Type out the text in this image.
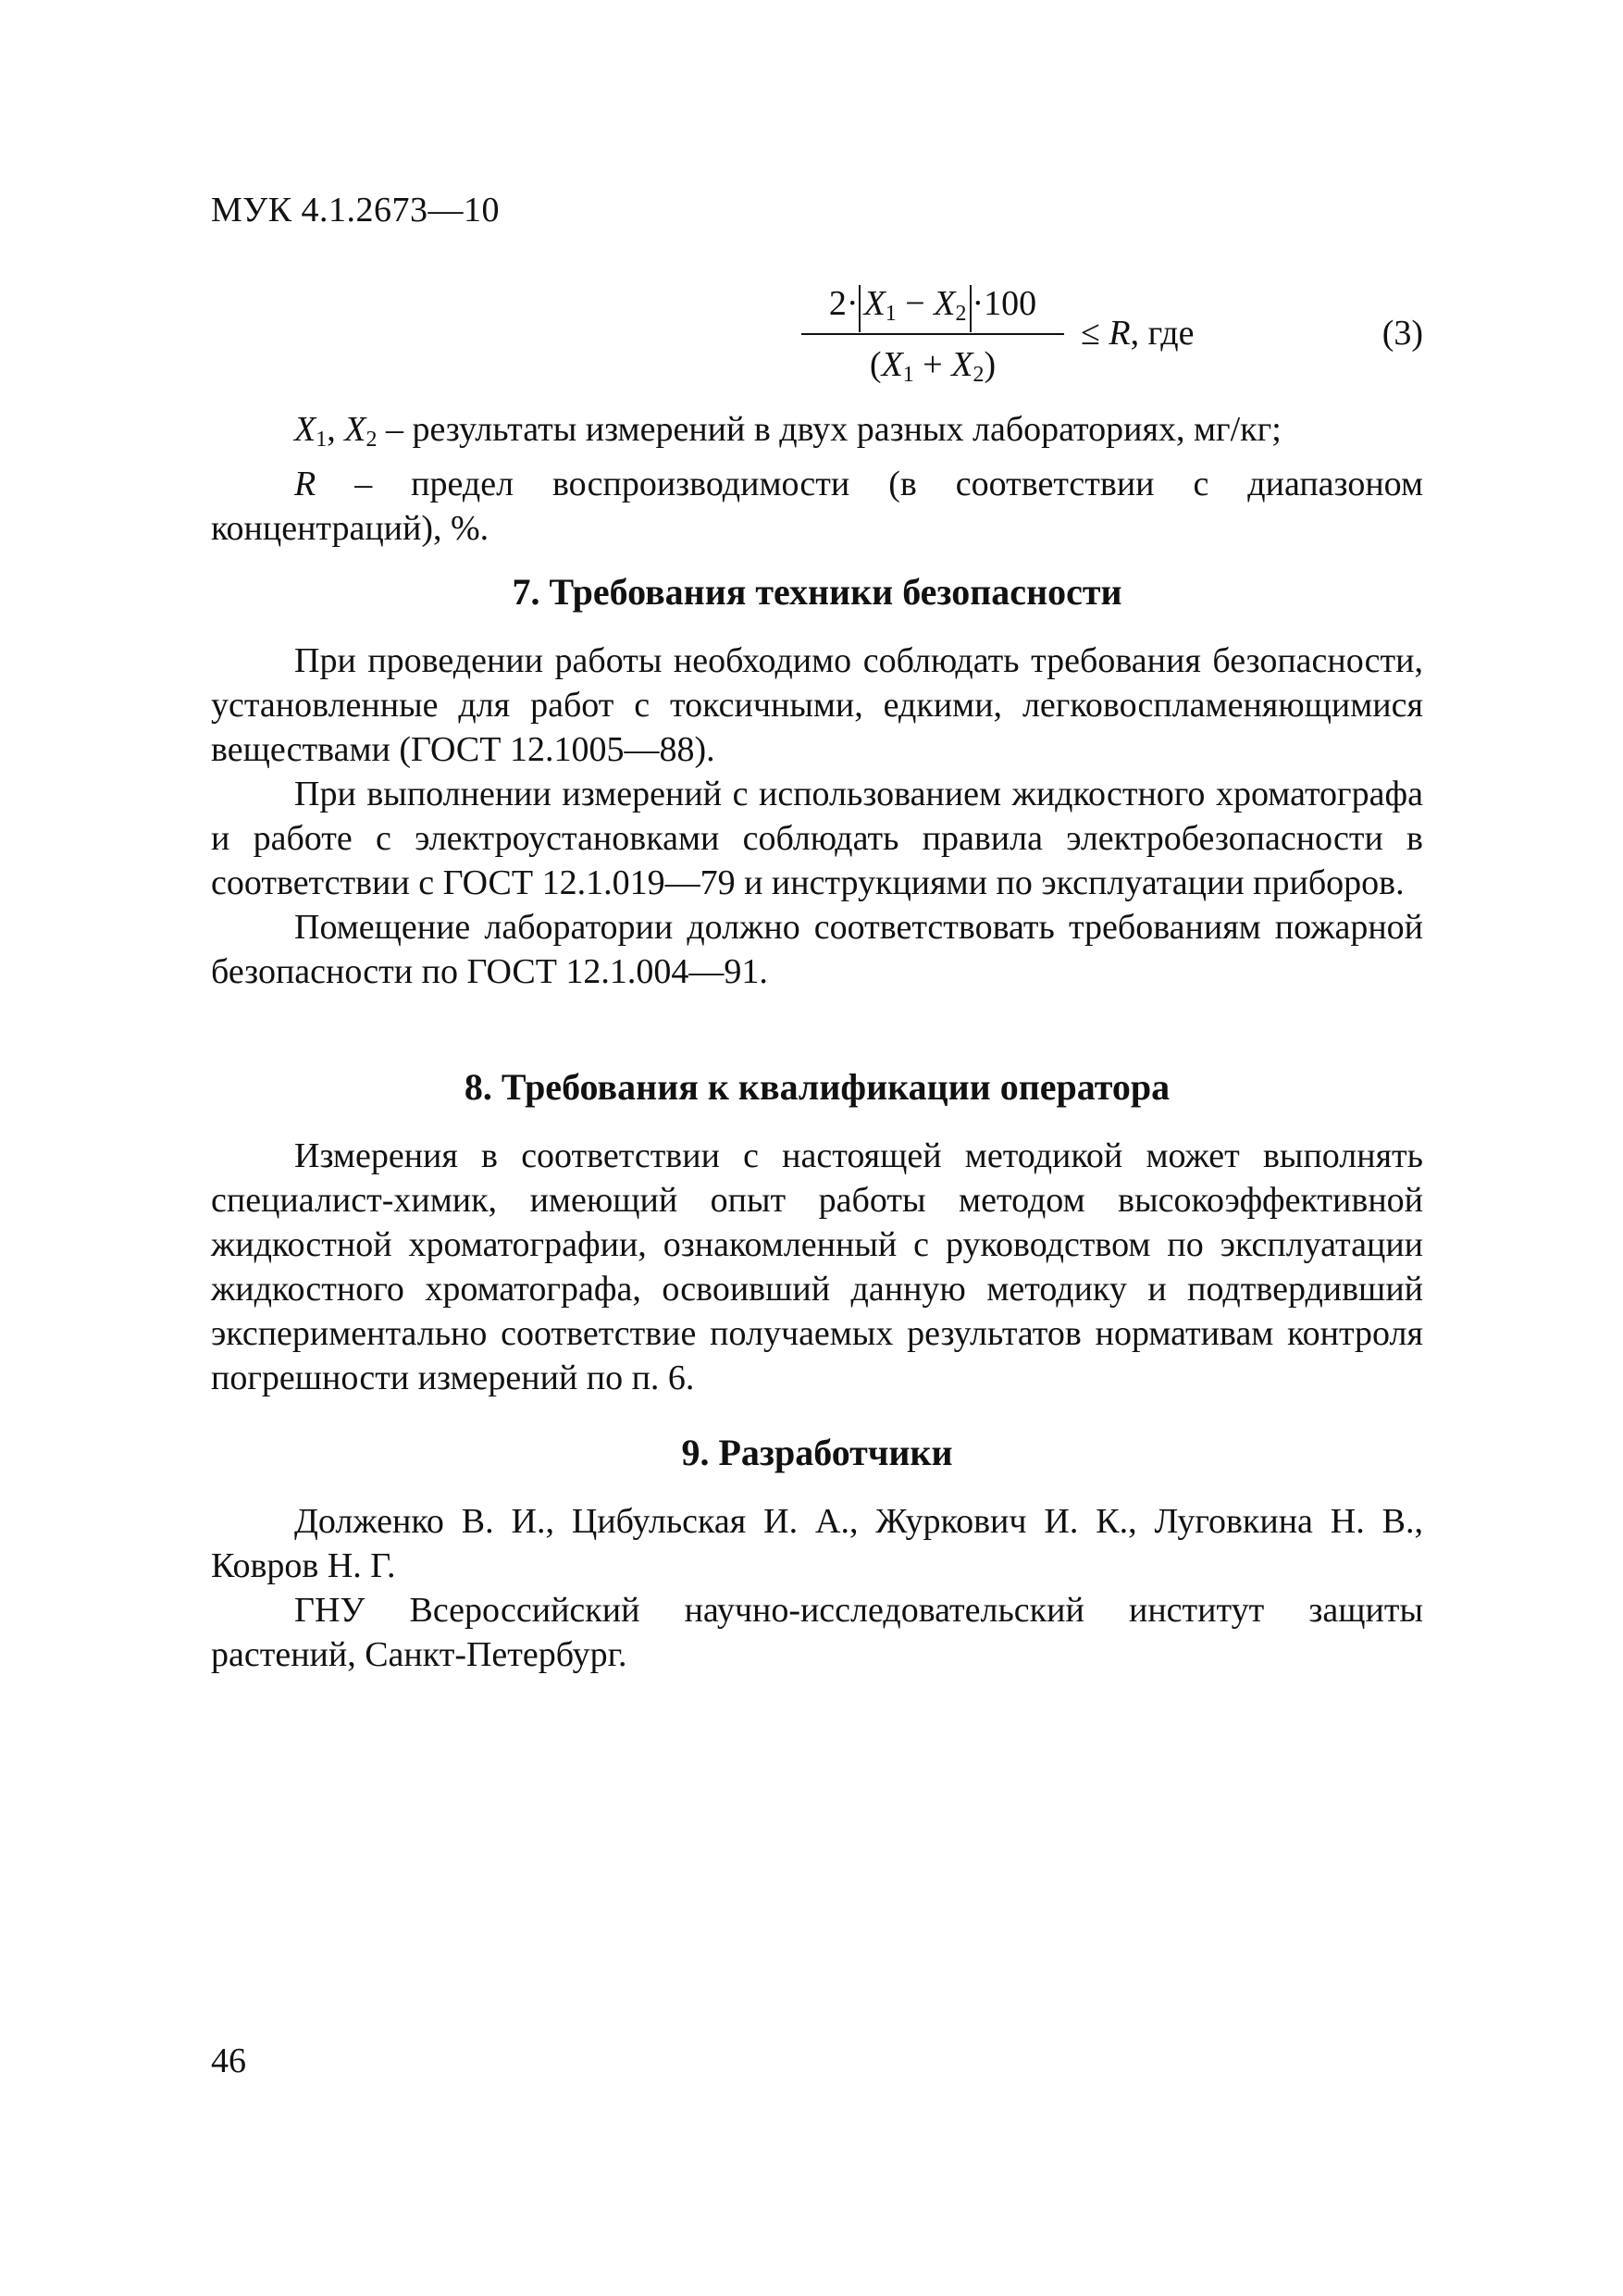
МУК 4.1.2673—10
$2\cdot X_1 - X_2 \cdot 100$
$(X_1 + X_2)$
≤ R, где	(3)

$X_1$, $X_2$ – результаты измерений в двух разных лабораториях, мг/кг;

R – предел воспроизводимости (в соответствии с диапазоном концентраций), %.

7. Требования техники безопасности

При проведении работы необходимо соблюдать требования безопасности, установленные для работ с токсичными, едкими, легковоспламеняющимися веществами (ГОСТ 12.1005—88).

При выполнении измерений с использованием жидкостного хроматографа и работе с электроустановками соблюдать правила электробезопасности в соответствии с ГОСТ 12.1.019—79 и инструкциями по эксплуатации приборов.

Помещение лаборатории должно соответствовать требованиям пожарной безопасности по ГОСТ 12.1.004—91.

8. Требования к квалификации оператора

Измерения в соответствии с настоящей методикой может выполнять специалист-химик, имеющий опыт работы методом высокоэффективной жидкостной хроматографии, ознакомленный с руководством по эксплуатации жидкостного хроматографа, освоивший данную методику и подтвердивший экспериментально соответствие получаемых результатов нормативам контроля погрешности измерений по п. 6.

9. Разработчики

Долженко В. И., Цибульская И. А., Журкович И. К., Луговкина Н. В., Ковров Н. Г.

ГНУ Всероссийский научно-исследовательский институт защиты растений, Санкт-Петербург.

46
